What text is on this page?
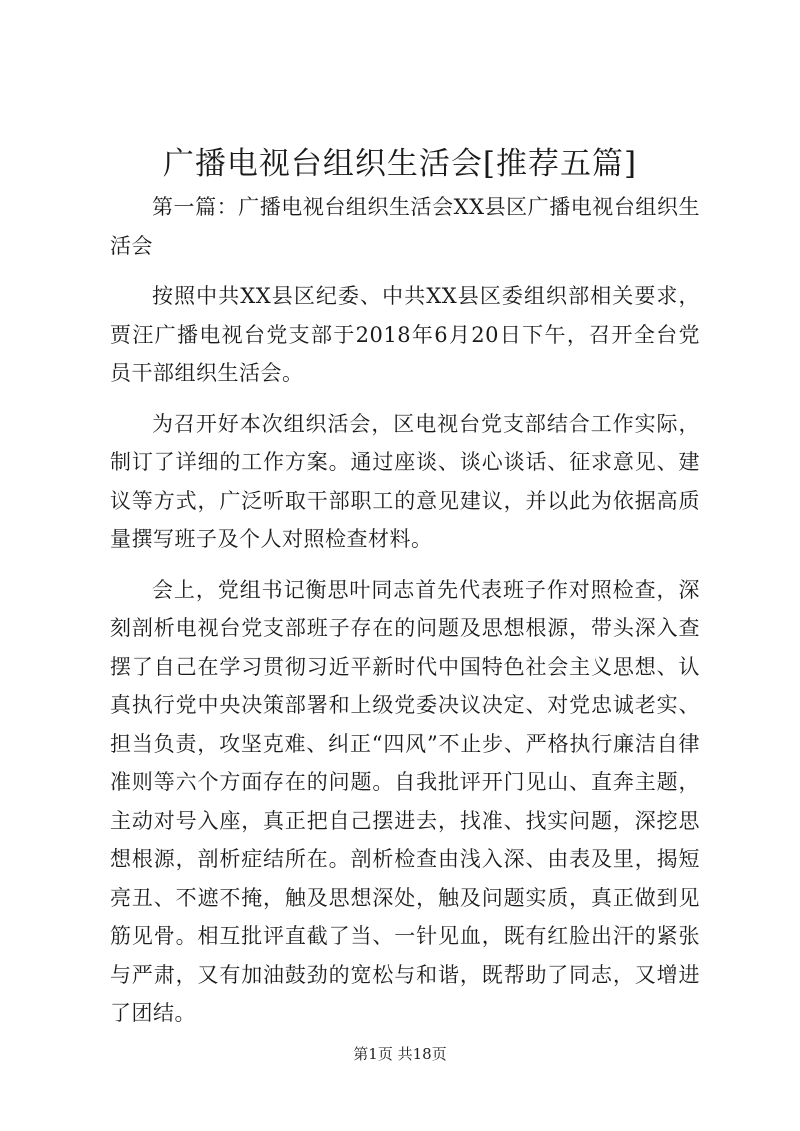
广播电视台组织生活会[推荐五篇]

第一篇：广播电视台组织生活会XX县区广播电视台组织生活会

按照中共XX县区纪委、中共XX县区委组织部相关要求，贾汪广播电视台党支部于2018年6月20日下午，召开全台党员干部组织生活会。

为召开好本次组织活会，区电视台党支部结合工作实际，制订了详细的工作方案。通过座谈、谈心谈话、征求意见、建议等方式，广泛听取干部职工的意见建议，并以此为依据高质量撰写班子及个人对照检查材料。

会上，党组书记衡思叶同志首先代表班子作对照检查，深刻剖析电视台党支部班子存在的问题及思想根源，带头深入查摆了自己在学习贯彻习近平新时代中国特色社会主义思想、认真执行党中央决策部署和上级党委决议决定、对党忠诚老实、担当负责，攻坚克难、纠正“四风”不止步、严格执行廉洁自律准则等六个方面存在的问题。自我批评开门见山、直奔主题，主动对号入座，真正把自己摆进去，找准、找实问题，深挖思想根源，剖析症结所在。剖析检查由浅入深、由表及里，揭短亮丑、不遮不掩，触及思想深处，触及问题实质，真正做到见筋见骨。相互批评直截了当、一针见血，既有红脸出汗的紧张与严肃，又有加油鼓劲的宽松与和谐，既帮助了同志，又增进了团结。

第1页 共18页
